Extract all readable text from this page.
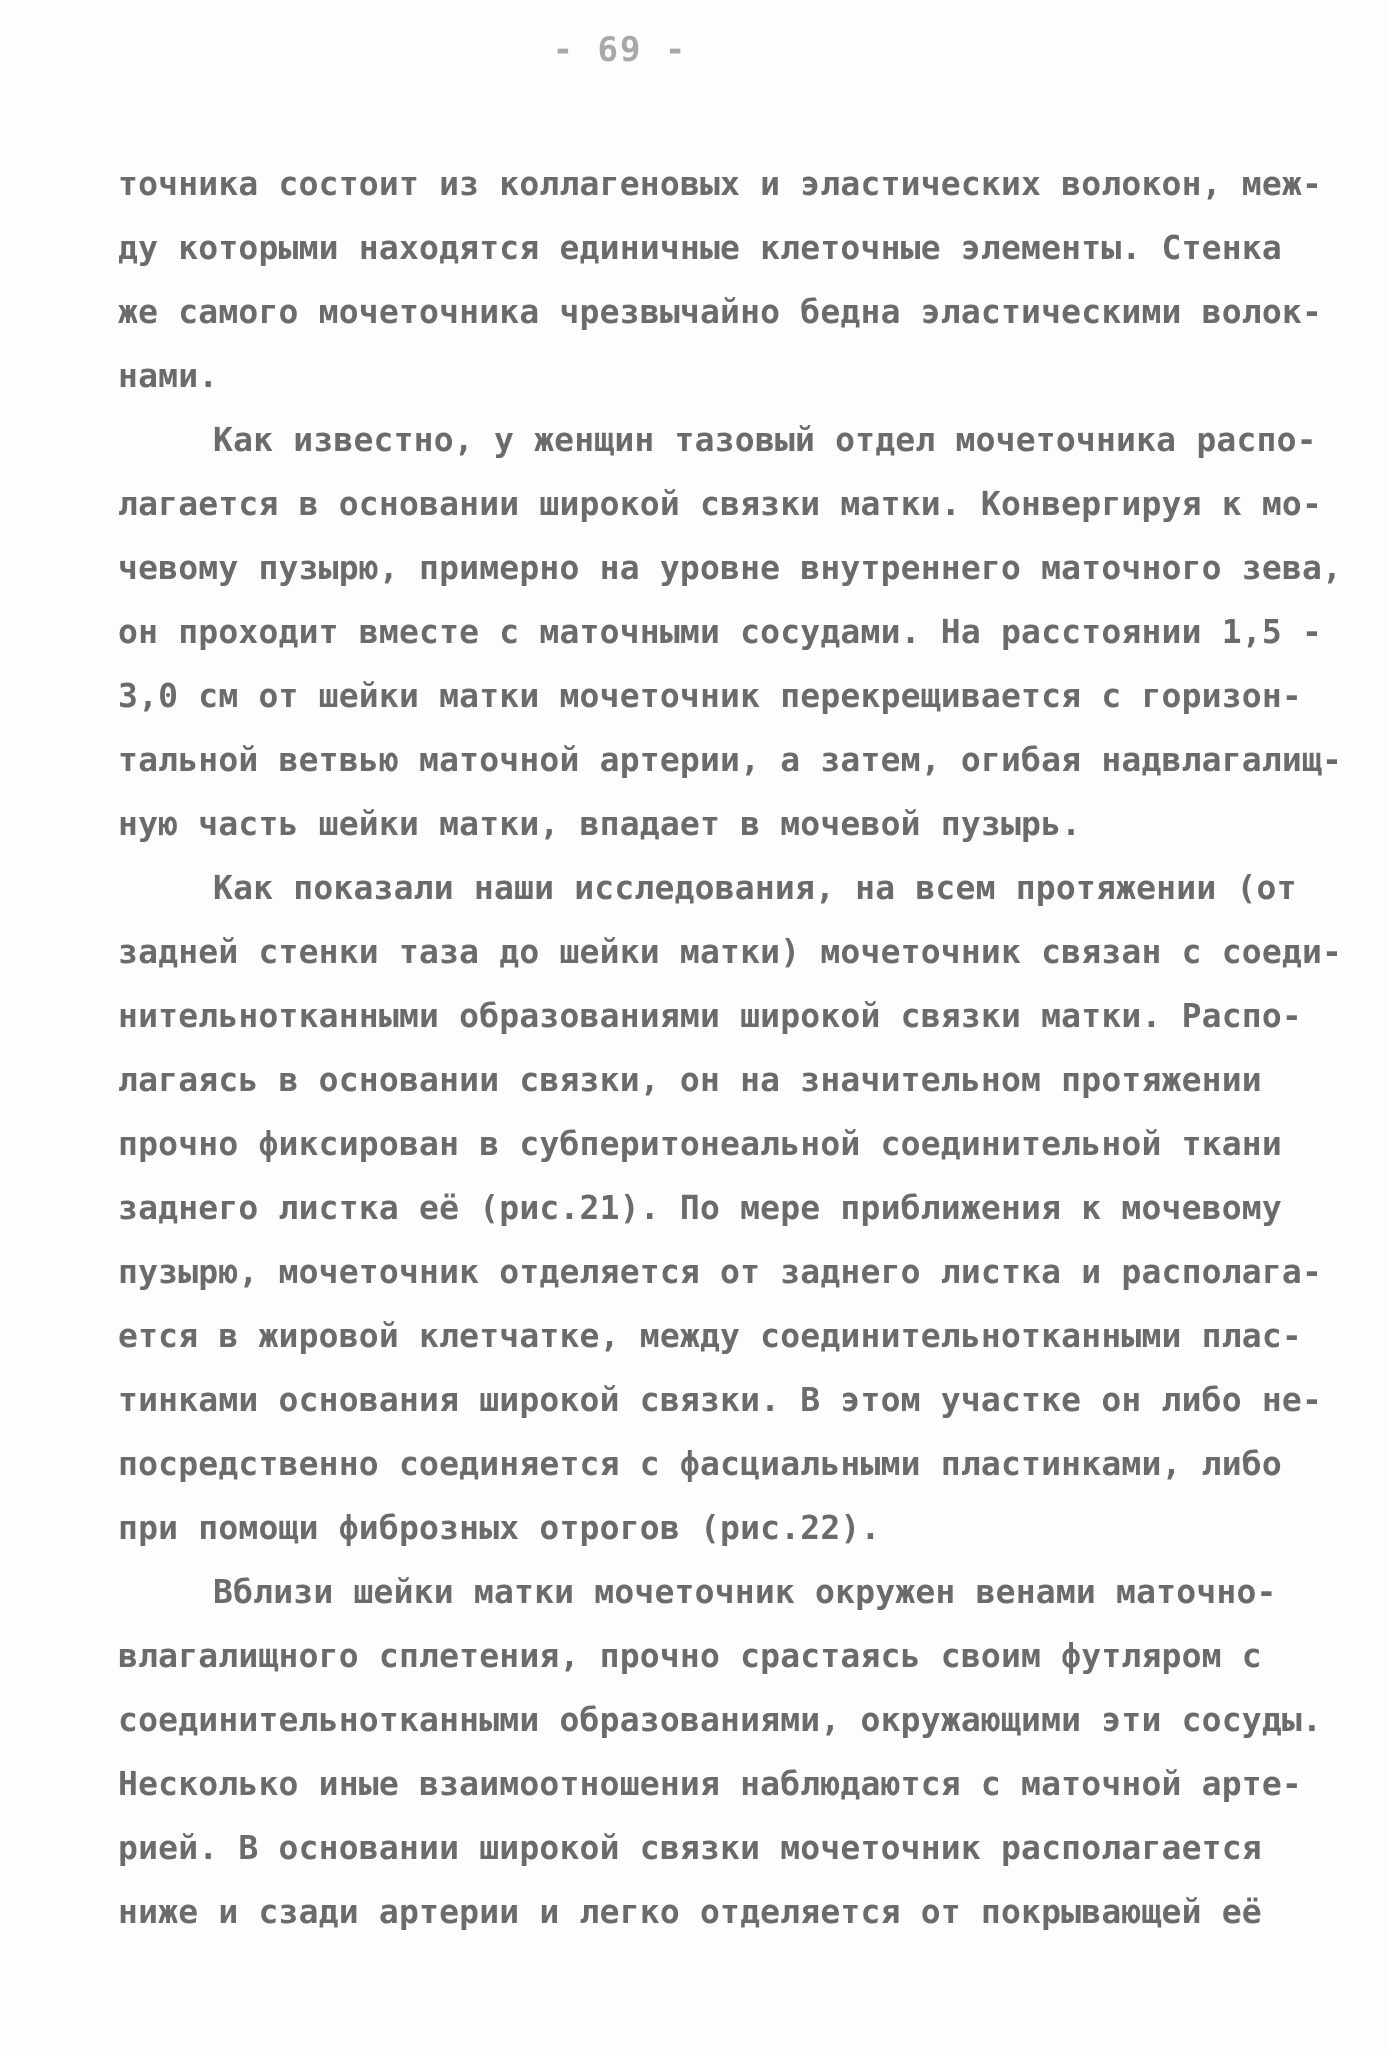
- 69 -
точника состоит из коллагеновых и эластических волокон, меж-
ду которыми находятся единичные клеточные элементы. Стенка
же самого мочеточника чрезвычайно бедна эластическими волок-
нами.
Как известно, у женщин тазовый отдел мочеточника распо-
лагается в основании широкой связки матки. Конвергируя к мо-
чевому пузырю, примерно на уровне внутреннего маточного зева,
он проходит вместе с маточными сосудами. На расстоянии 1,5 -
3,0 см от шейки матки мочеточник перекрещивается с горизон-
тальной ветвью маточной артерии, а затем, огибая надвлагалищ-
ную часть шейки матки, впадает в мочевой пузырь.
Как показали наши исследования, на всем протяжении (от
задней стенки таза до шейки матки) мочеточник связан с соеди-
нительнотканными образованиями широкой связки матки. Распо-
лагаясь в основании связки, он на значительном протяжении
прочно фиксирован в субперитонеальной соединительной ткани
заднего листка её (рис.21). По мере приближения к мочевому
пузырю, мочеточник отделяется от заднего листка и располага-
ется в жировой клетчатке, между соединительнотканными плас-
тинками основания широкой связки. В этом участке он либо не-
посредственно соединяется с фасциальными пластинками, либо
при помощи фиброзных отрогов (рис.22).
Вблизи шейки матки мочеточник окружен венами маточно-
влагалищного сплетения, прочно срастаясь своим футляром с
соединительнотканными образованиями, окружающими эти сосуды.
Несколько иные взаимоотношения наблюдаются с маточной арте-
рией. В основании широкой связки мочеточник располагается
ниже и сзади артерии и легко отделяется от покрывающей её
